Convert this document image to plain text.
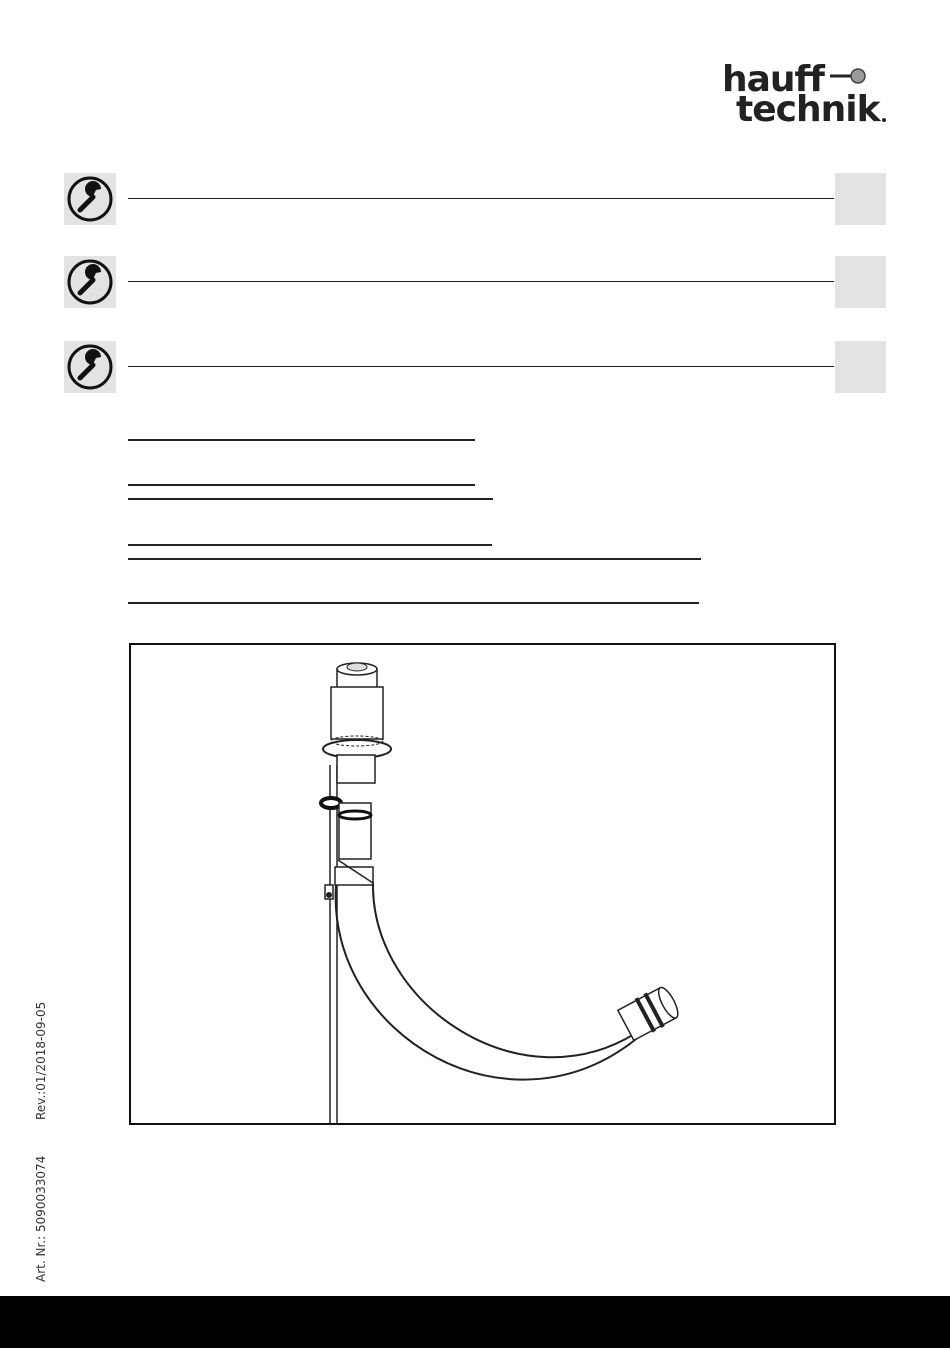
hauff
technik
Rev.:01/2018-09-05
Art. Nr.: 5090033074
